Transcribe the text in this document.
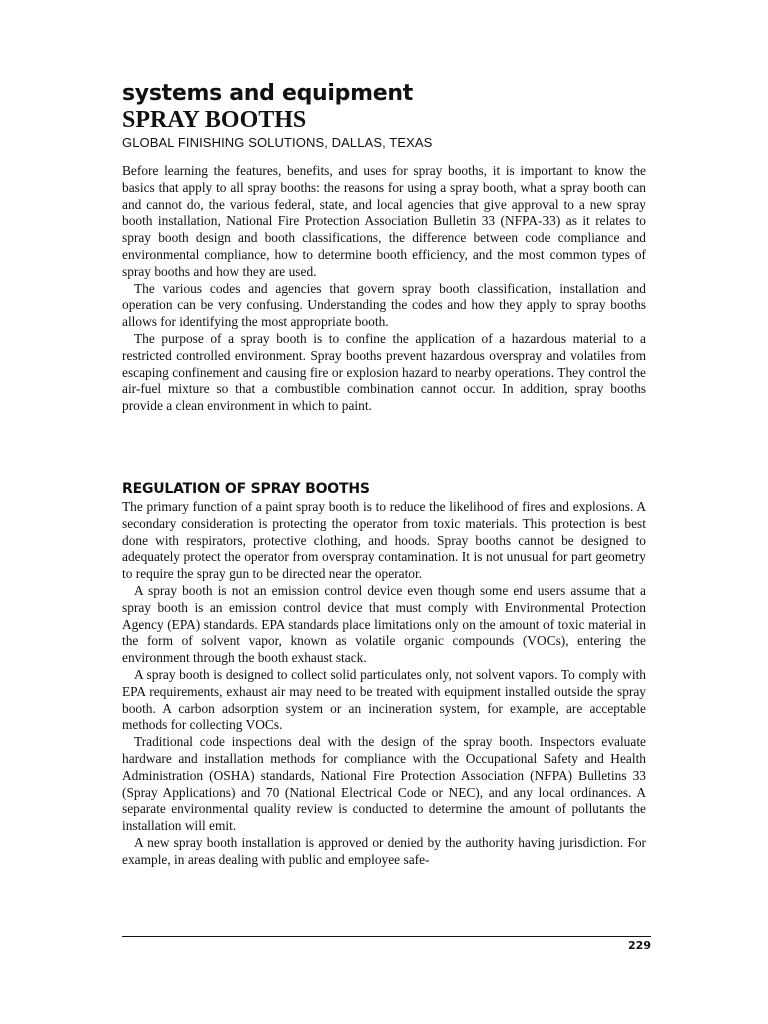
systems and equipment
SPRAY BOOTHS
GLOBAL FINISHING SOLUTIONS, DALLAS, TEXAS

Before learning the features, benefits, and uses for spray booths, it is important to know the basics that apply to all spray booths: the reasons for using a spray booth, what a spray booth can and cannot do, the various federal, state, and local agencies that give approval to a new spray booth installation, National Fire Protection Association Bulletin 33 (NFPA-33) as it relates to spray booth design and booth classifications, the difference between code compliance and environmental compliance, how to determine booth efficiency, and the most common types of spray booths and how they are used.

The various codes and agencies that govern spray booth classification, installation and operation can be very confusing. Understanding the codes and how they apply to spray booths allows for identifying the most appropriate booth.

The purpose of a spray booth is to confine the application of a hazardous material to a restricted controlled environment. Spray booths prevent hazardous overspray and volatiles from escaping confinement and causing fire or explosion hazard to nearby operations. They control the air-fuel mixture so that a combustible combination cannot occur. In addition, spray booths provide a clean environment in which to paint.

REGULATION OF SPRAY BOOTHS

The primary function of a paint spray booth is to reduce the likelihood of fires and explosions. A secondary consideration is protecting the operator from toxic materials. This protection is best done with respirators, protective clothing, and hoods. Spray booths cannot be designed to adequately protect the operator from overspray contamination. It is not unusual for part geometry to require the spray gun to be directed near the operator.

A spray booth is not an emission control device even though some end users assume that a spray booth is an emission control device that must comply with Environmental Protection Agency (EPA) standards. EPA standards place limitations only on the amount of toxic material in the form of solvent vapor, known as volatile organic compounds (VOCs), entering the environment through the booth exhaust stack.

A spray booth is designed to collect solid particulates only, not solvent vapors. To comply with EPA requirements, exhaust air may need to be treated with equipment installed outside the spray booth. A carbon adsorption system or an incineration system, for example, are acceptable methods for collecting VOCs.

Traditional code inspections deal with the design of the spray booth. Inspectors evaluate hardware and installation methods for compliance with the Occupational Safety and Health Administration (OSHA) standards, National Fire Protection Association (NFPA) Bulletins 33 (Spray Applications) and 70 (National Electrical Code or NEC), and any local ordinances. A separate environmental quality review is conducted to determine the amount of pollutants the installation will emit.

A new spray booth installation is approved or denied by the authority having jurisdiction. For example, in areas dealing with public and employee safe-

229
